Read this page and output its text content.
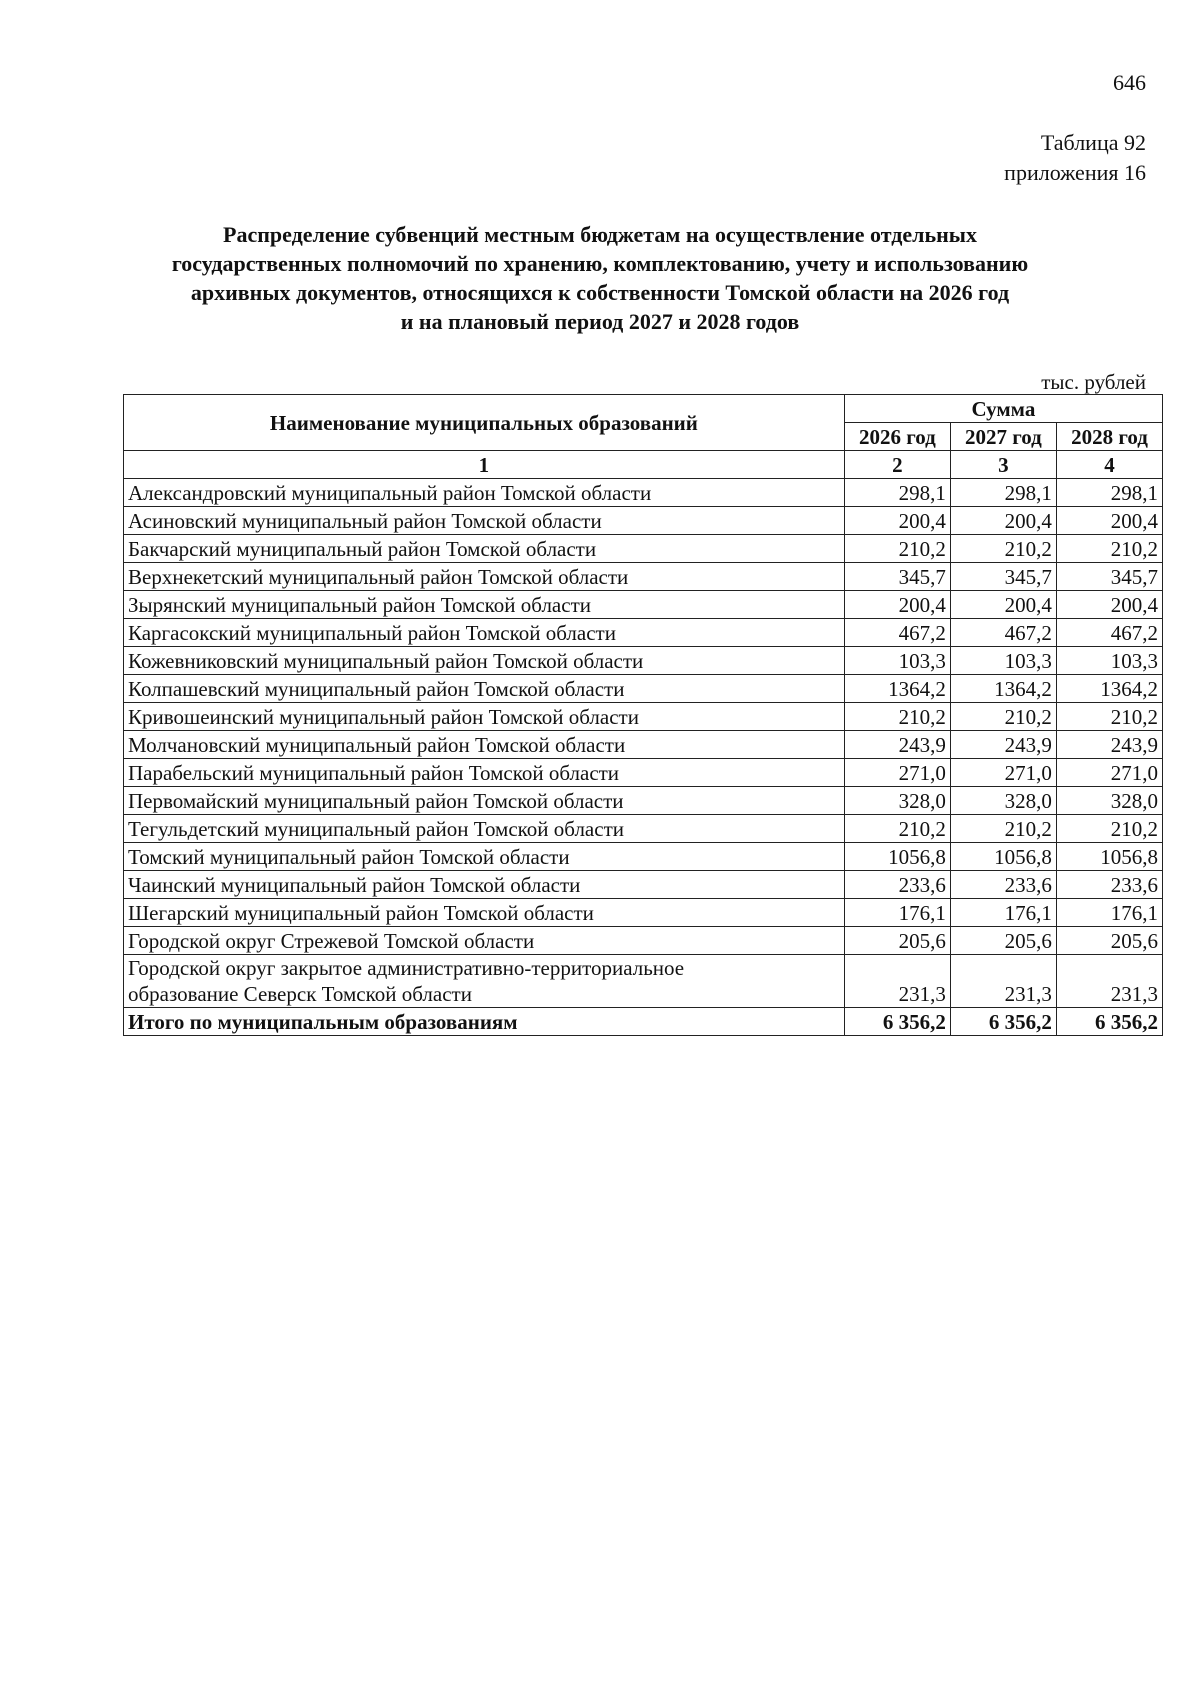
646
Таблица 92
приложения 16
Распределение субвенций местным бюджетам на осуществление отдельных
государственных полномочий по хранению, комплектованию, учету и использованию
архивных документов, относящихся к собственности Томской области на 2026 год
и на плановый период 2027 и 2028 годов
тыс. рублей
Наименование муниципальных образований	Сумма		
	2026 год	2027 год	2028 год
1	2	3	4
Александровский муниципальный район Томской области	298,1	298,1	298,1
Асиновский муниципальный район Томской области	200,4	200,4	200,4
Бакчарский муниципальный район Томской области	210,2	210,2	210,2
Верхнекетский муниципальный район Томской области	345,7	345,7	345,7
Зырянский муниципальный район Томской области	200,4	200,4	200,4
Каргасокский муниципальный район Томской области	467,2	467,2	467,2
Кожевниковский муниципальный район Томской области	103,3	103,3	103,3
Колпашевский муниципальный район Томской области	1364,2	1364,2	1364,2
Кривошеинский муниципальный район Томской области	210,2	210,2	210,2
Молчановский муниципальный район Томской области	243,9	243,9	243,9
Парабельский муниципальный район Томской области	271,0	271,0	271,0
Первомайский муниципальный район Томской области	328,0	328,0	328,0
Тегульдетский муниципальный район Томской области	210,2	210,2	210,2
Томский муниципальный район Томской области	1056,8	1056,8	1056,8
Чаинский муниципальный район Томской области	233,6	233,6	233,6
Шегарский муниципальный район Томской области	176,1	176,1	176,1
Городской округ Стрежевой Томской области	205,6	205,6	205,6

Городской округ закрытое административно-территориальное
образование Северск Томской области	231,3	231,3	231,3
Итого по муниципальным образованиям	6 356,2	6 356,2	6 356,2
